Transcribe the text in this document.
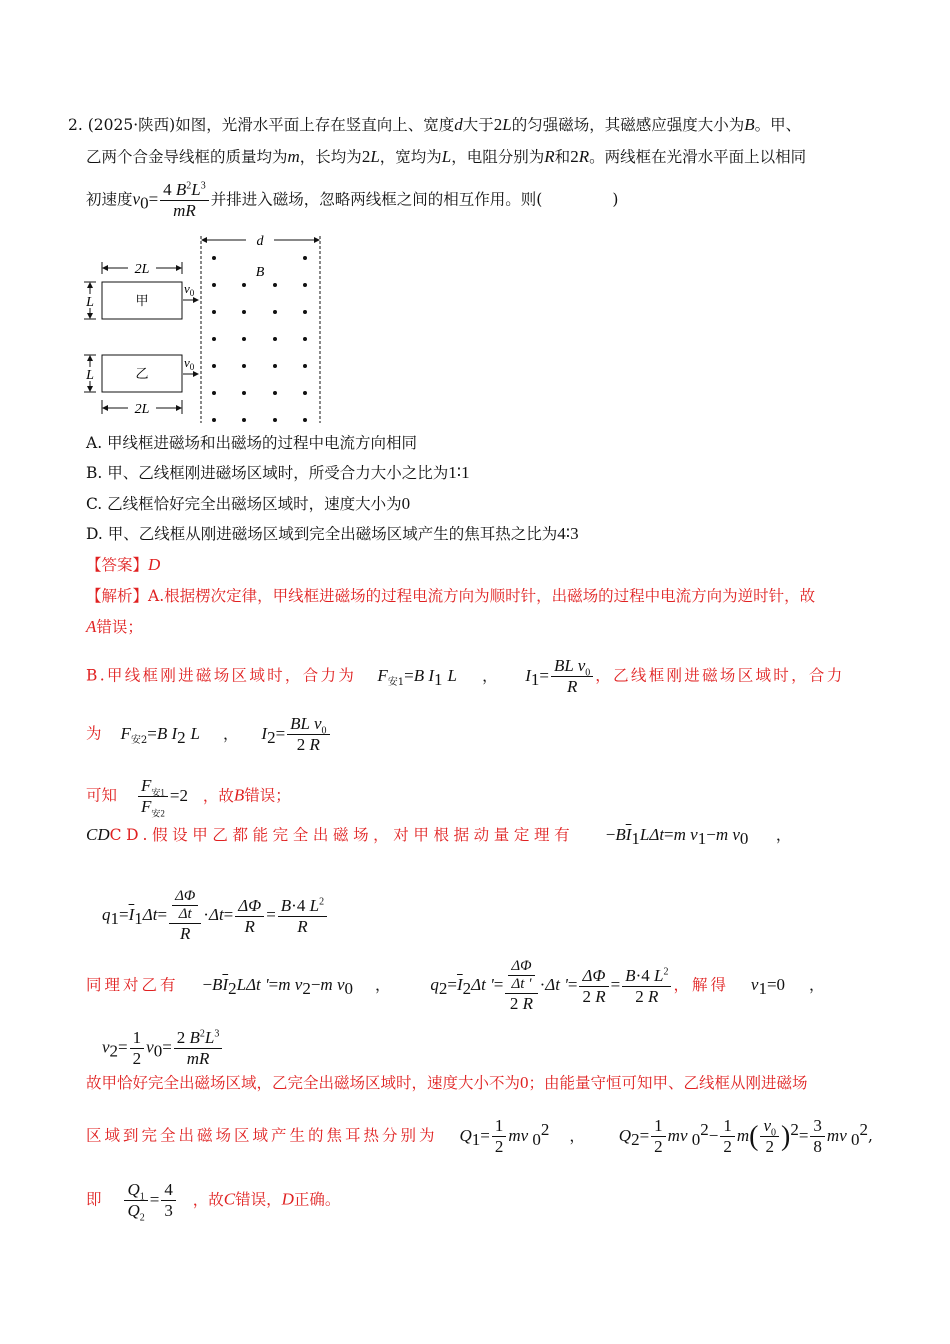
2. (2025·陕西)如图，光滑水平面上存在竖直向上、宽度d大于2L的匀强磁场，其磁感应强度大小为B。甲、
乙两个合金导线框的质量均为m，长均为2L，宽均为L，电阻分别为R和2R。两线框在光滑水平面上以相同
初速度$v_0= \frac{4 B^2L^3}{mR}$ 并排进入磁场，忽略两线框之间的相互作用。则(	)
d
B
2L
甲
L
$v_0$
乙
L
$v_0$
2L
A. 甲线框进磁场和出磁场的过程中电流方向相同
B. 甲、乙线框刚进磁场区域时，所受合力大小之比为1∶1
C. 乙线框恰好完全出磁场区域时，速度大小为0
D. 甲、乙线框从刚进磁场区域到完全出磁场区域产生的焦耳热之比为4∶3
【答案】D
【解析】A.根据楞次定律，甲线框进磁场的过程电流方向为顺时针，出磁场的过程中电流方向为逆时针，故
A错误；
B.甲线框刚进磁场区域时，合力为 $F_{安1}=B$ $I_1$ L ， $I_1= \frac{BL v_0}{R}$ ，乙线框刚进磁场区域时，合力
为 $F_{安2}=B$ $I_2$ L ， $I_2= \frac{BL v_0}{2 R}$
可知 $\frac{F_{安1}}{F_{安2}} =2$ ，故B错误；
CDCD.假设甲乙都能完全出磁场，对甲根据动量定理有 $-B\overline{I}_1L\Delta t=m$ $v_1-m$ $v_0$ ，
$q_1=\overline{I}_1\Delta t= \frac{\frac{\Delta\Phi}{\Delta t}}{R} \cdot\Delta t= \frac{\Delta\Phi}{R} = \frac{B\cdot 4 L^2}{R}$
同理对乙有 $-B\overline{I}_2L\Delta t$ '=m $v_2-m$ $v_0$ ， $q_2=\overline{I}_2\Delta t$ '= $\frac{\frac{\Delta\Phi}{\Delta t '}}{2 R} \cdot\Delta t$ '= $\frac{\Delta\Phi}{2 R} = \frac{B\cdot 4 L^2}{2 R}$ ，解得 $v_1=0$ ，
$v_2= \frac{1}{2} v_0= \frac{2 B^2L^3}{mR}$
故甲恰好完全出磁场区域，乙完全出磁场区域时，速度大小不为0；由能量守恒可知甲、乙线框从刚进磁场
区域到完全出磁场区域产生的焦耳热分别为 $Q_1= \frac{1}{2}$ mv $_0^2$ ， $Q_2= \frac{1}{2}$ mv $_0^2- \frac{1}{2} m( \frac{v_0}{2} )^2= \frac{3}{8}$ mv $_0^2$,
即 $\frac{Q_1}{Q_2} = \frac{4}{3}$ ，故C错误，D正确。
